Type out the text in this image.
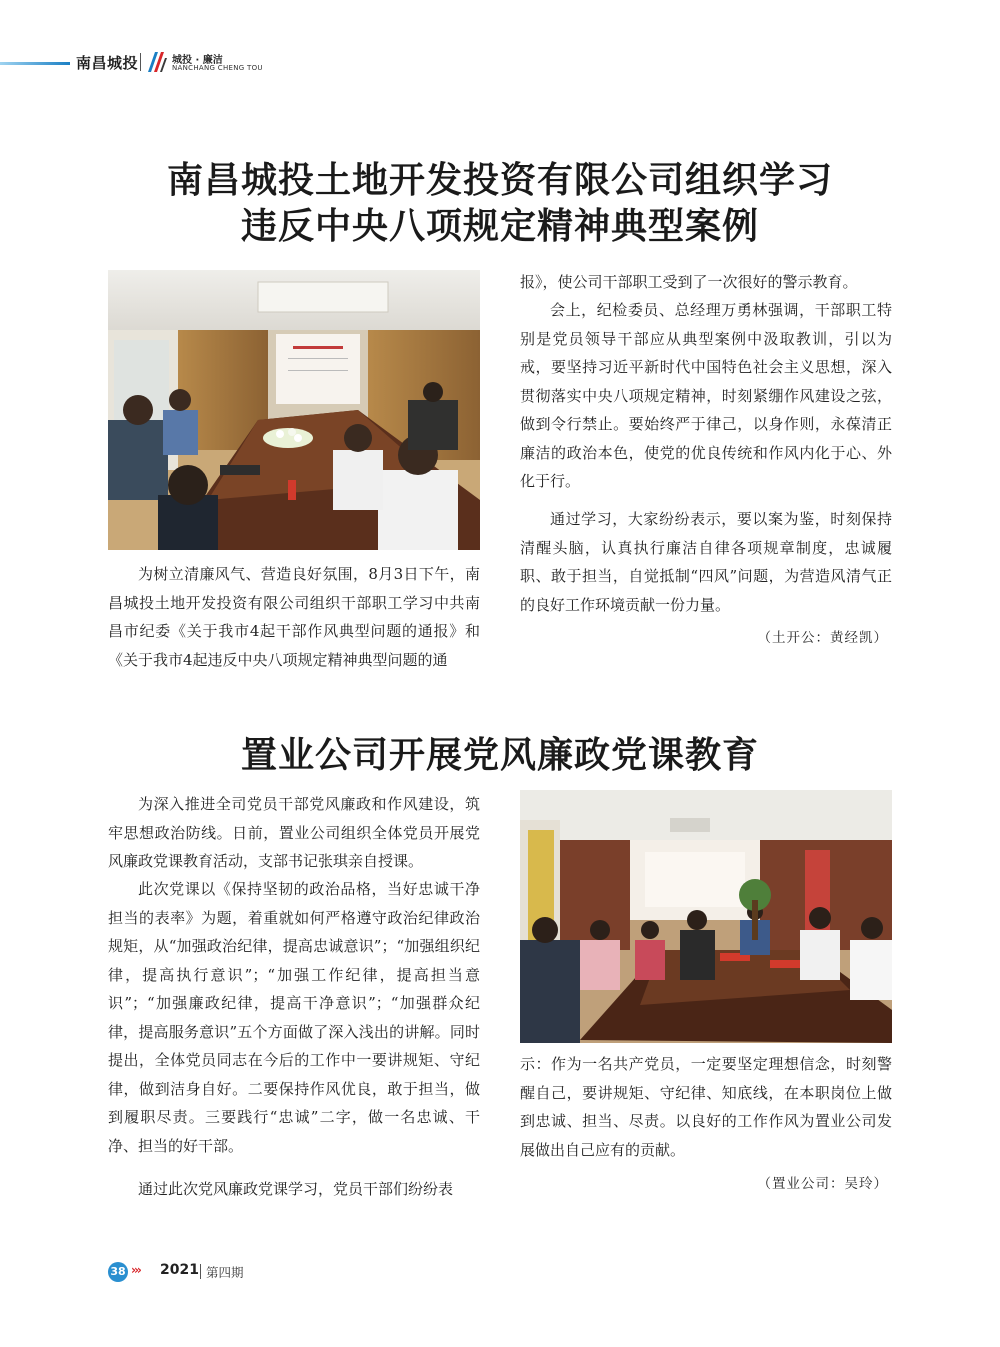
南昌城投	城投 · 廉洁
NANCHANG CHENG TOU
南昌城投土地开发投资有限公司组织学习
违反中央八项规定精神典型案例

为树立清廉风气、营造良好氛围，8月3日下午，南昌城投土地开发投资有限公司组织干部职工学习中共南昌市纪委《关于我市4起干部作风典型问题的通报》和《关于我市4起违反中央八项规定精神典型问题的通

报》，使公司干部职工受到了一次很好的警示教育。

会上，纪检委员、总经理万勇林强调，干部职工特别是党员领导干部应从典型案例中汲取教训，引以为戒，要坚持习近平新时代中国特色社会主义思想，深入贯彻落实中央八项规定精神，时刻紧绷作风建设之弦，做到令行禁止。要始终严于律己，以身作则，永葆清正廉洁的政治本色，使党的优良传统和作风内化于心、外化于行。

通过学习，大家纷纷表示，要以案为鉴，时刻保持清醒头脑，认真执行廉洁自律各项规章制度，忠诚履职、敢于担当，自觉抵制“四风”问题，为营造风清气正的良好工作环境贡献一份力量。

（土开公：黄经凯）
置业公司开展党风廉政党课教育

为深入推进全司党员干部党风廉政和作风建设，筑牢思想政治防线。日前，置业公司组织全体党员开展党风廉政党课教育活动，支部书记张琪亲自授课。

此次党课以《保持坚韧的政治品格，当好忠诚干净担当的表率》为题，着重就如何严格遵守政治纪律政治规矩，从“加强政治纪律，提高忠诚意识”；“加强组织纪律，提高执行意识”；“加强工作纪律，提高担当意识”；“加强廉政纪律，提高干净意识”；“加强群众纪律，提高服务意识”五个方面做了深入浅出的讲解。同时提出，全体党员同志在今后的工作中一要讲规矩、守纪律，做到洁身自好。二要保持作风优良，敢于担当，做到履职尽责。三要践行“忠诚”二字，做一名忠诚、干净、担当的好干部。

通过此次党风廉政党课学习，党员干部们纷纷表

示：作为一名共产党员，一定要坚定理想信念，时刻警醒自己，要讲规矩、守纪律、知底线，在本职岗位上做到忠诚、担当、尽责。以良好的工作作风为置业公司发展做出自己应有的贡献。

（置业公司：吴玲）
38 ››› 2021 第四期
